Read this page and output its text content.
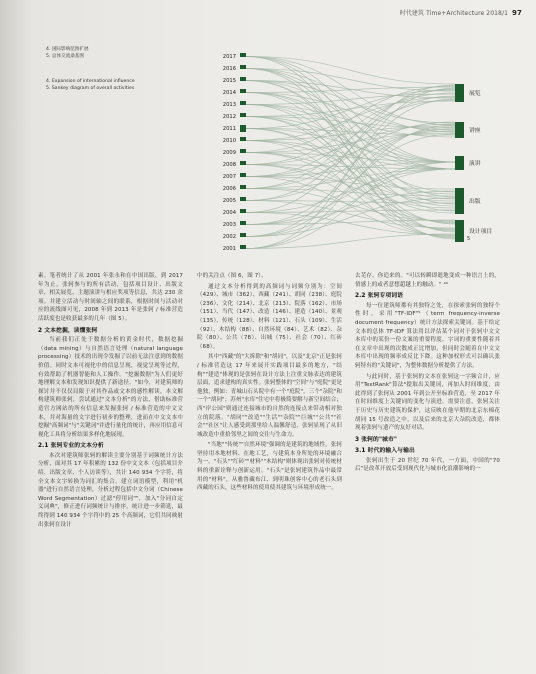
时代建筑 Time+Architecture 2018/1 97
4. 国际影响范围扩展
5. 总体交流桑基图
4. Expansion of international influence
5. Sankey diagram of overall activities
2017
2016
2015
2014
2013
2012
2011
2010
2009
2008
2007
2006
2005
2004
2003
2002
2001
展览
讲座
演讲
出版
设计项目
5

素。笔者统计了从 2001 年张永和在中国出版，到 2017 年为止，张轲参与的所有活动，包括项目设计、出版文章、相关展览、主题演讲与相应奖项等信息，共达 230 余项。并建立活动与时间轴之间的联系，根据时间与活动对应的流线图可见，2008 年到 2013 年是张轲 / 标准营造活跃度也是收获最多的几年（图 5）。

2 文本挖掘，读懂张轲

当前我们正处于数据分析的黄金时代，数据挖掘（data mining）与自然语言处理（natural language processing）技术的出现令发掘了以前无法注意到的数据价值。同时文本可视化中的信息呈现，视觉呈现等过程，有效帮助了机器智能和人工操作。"挖掘数据"为人们更好地理解文本和发现知识提供了新途径。"如今，对建筑师的探讨并不仅仅局限于对其作品或文本的感性解读，本文解构建筑师张轲，尝试通过"文本分析"的方法，借助标准营造官方网站的所有信息来发掘张轲 / 标准营造的中文文本，并对海量的文字进行初步的整理，进而在中文文本中挖掘"高频词"与"关键词"并进行量化的统计，再应用信息可视化工具将分析结果多样化地展现。

2.1 张轲专业的文本分析

本次对建筑师张轲的解读主要分别基于词频统计方法分析，面对其 17 年积累的 132 份中文文本（包括项目介绍、出版文章、个人访谈等），共计 140 934 个字符，将全文本文字转换为词汇的集合，建立词语模型，利用"机器"进行自然语言处理，分析过程包括中文分词（Chinese Word Segmentation）过滤"停用词""，加入"分词自定义词典"，修正进行词频统计与排序，统计进一步筛选，最终得到 140 934 个字符中的 25 个高频词，它们共同映射出张轲在设计

中的关注点（图 6，图 7）。

通过文本分析得到的高频词与词频分别为：空间（429）、城市（362）、西藏（241）、胡同（238）、庭院（236）、文化（214）、北京（213）、院落（162）、市场（151）、当代（147）、改造（146）、建造（140）、景观（135）、传统（128）、材料（121）、石头（109）、生活（92）、木结构（88）、自然环境（84）、艺术（82）、杂院（80）、公共（78）、出城（75）、社会（70）、红砖（68）。

其中"西藏"的"大拆除"和"胡同"，以及"北京"正是张轲 / 标准营造这 17 年来展开实践项目最多的地方，"结构""建造"体现的是张轲在设计方法上注重文脉表达的建筑层面，追求建构的真实性。张轲整体的"空间"与"庭院"更是他独，例如：青城山石头院中有一个"庭院"，三个"杂院"和一个"胡同"；苏州"水库"住宅中将极简要解与新空间结合；西"岸公园"则通过连接城市的自然的连接点来带动相对独立的院落。"胡同""改造""生活""杂院""巨城""公共""社会""社区"让人感受到那里给人温馨舒适，张轲显现了从旧城改造中重拾邻里之间的交往与生命力。

"当地""传统""自然环境"强调的是建筑的地域性，张轲坚持用本地材料、在地工艺，与建筑本身所处的环境融合为一。"石头""红砖""材料""木结构"则体现出张轲对传统材料的重新诠释与创新运用。"石头"是张轲建筑作品中最常用的"材料"，从雅鲁藏布江、到明珠创客中心的老石头到西藏的石头，这些材料的使用使其建筑与环境形成统一。

去芜存，你追来的。"可以转瞬即逝地变成一种语言上的，情感上的或者意想超越上的触动。" ⁴⁰

2.2 张轲专项词语

每一位建筑师都有其独特之处，在探索张轲的独特个性时，采用"TF-IDF"⁵（term frequency-inverse document frequency）统计方法探索关键词。基于给定文本的总体 TF-IDF 算法用以评估某个词对于张轲中文文本库中的某份一份文案的重要程度。字词的重要性随着其在文章中出现的次数成正比增加，但同时会随着在中文文本库中出现的频率成反比下降。这种加权形式可以确认张轲特有的"关键词"，为整体数据分析提供了方法。

与此同时，基于张轲的文本在张轲这一字频合计，应用"TextRank"算法⁶提取出关键词，再加入时间维度，由此得到了张轲从 2001 年到公开至标准营造，至 2017 年在时间维度上关键词的变化与演进。需要注意，张轲关注于历史与历史建筑的保护，这反映在他早期的北京东棉花胡同 15 号改造之中，以及后来的北京大杂院改造，都体现着张轲与遗产的友好对话。

3 张轲的"城市"

3.1 时代的输入与输出

张轲出生于 20 世纪 70 年代，一方面，中国的"70后"是改革开放后受到现代化与城市化浪潮影响的一
